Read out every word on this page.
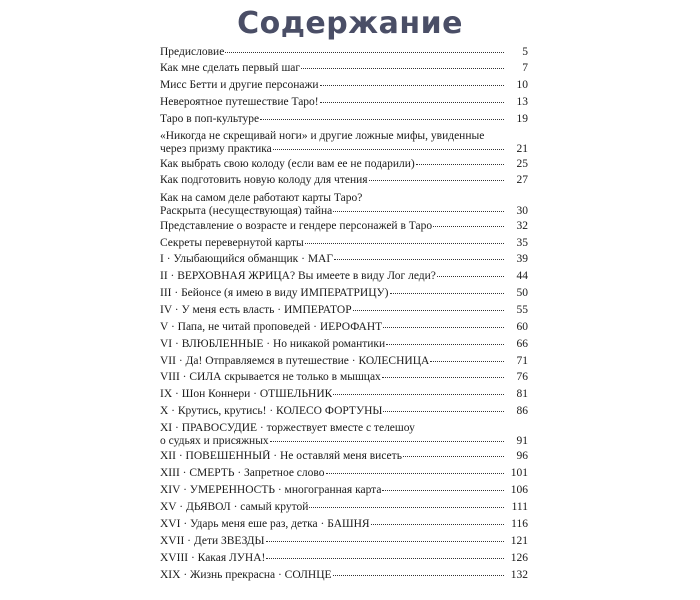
Содержание
Предисловие	5
Как мне сделать первый шаг	7
Мисс Бетти и другие персонажи	10
Невероятное путешествие Таро!	13
Таро в поп-культуре	19
«Никогда не скрещивай ноги» и другие ложные мифы, увиденные
через призму практика	21
Как выбрать свою колоду (если вам ее не подарили)	25
Как подготовить новую колоду для чтения	27
Как на самом деле работают карты Таро?
Раскрыта (несуществующая) тайна	30
Представление о возрасте и гендере персонажей в Таро	32
Секреты перевернутой карты	35
I · Улыбающийся обманщик · МАГ	39
II · ВЕРХОВНАЯ ЖРИЦА? Вы имеете в виду Лог леди?	44
III · Бейонсе (я имею в виду ИМПЕРАТРИЦУ)	50
IV · У меня есть власть · ИМПЕРАТОР	55
V · Папа, не читай проповедей · ИЕРОФАНТ	60
VI · ВЛЮБЛЕННЫЕ · Но никакой романтики	66
VII · Да! Отправляемся в путешествие · КОЛЕСНИЦА	71
VIII · СИЛА скрывается не только в мышцах	76
IX · Шон Коннери · ОТШЕЛЬНИК	81
X · Крутись, крутись! · КОЛЕСО ФОРТУНЫ	86
XI · ПРАВОСУДИЕ · торжествует вместе с телешоу
о судьях и присяжных	91
XII · ПОВЕШЕННЫЙ · Не оставляй меня висеть	96
XIII · СМЕРТЬ · Запретное слово	101
XIV · УМЕРЕННОСТЬ · многогранная карта	106
XV · ДЬЯВОЛ · самый крутой	111
XVI · Ударь меня еше раз, детка · БАШНЯ	116
XVII · Дети ЗВЕЗДЫ	121
XVIII · Какая ЛУНА!	126
XIX · Жизнь прекрасна · СОЛНЦЕ	132
